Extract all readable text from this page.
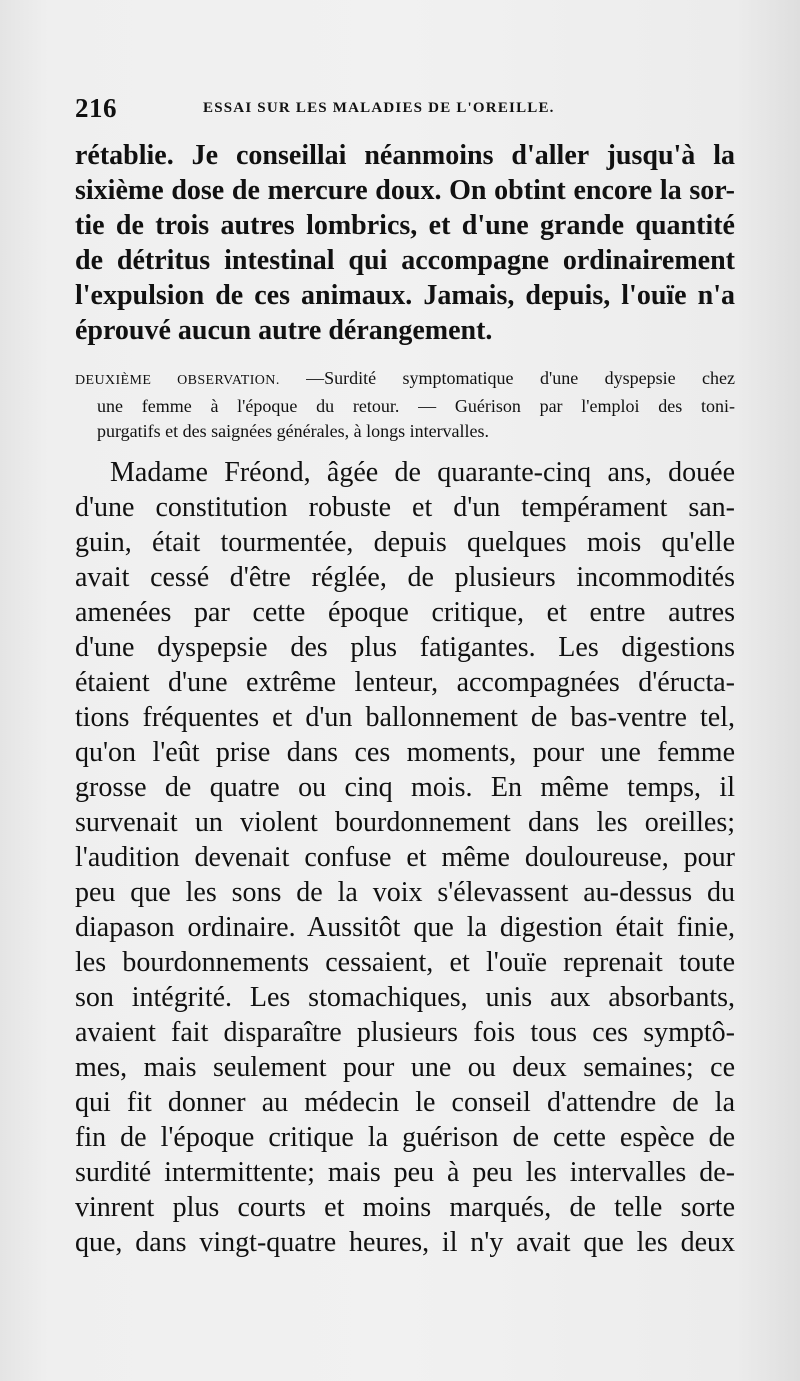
216	ESSAI SUR LES MALADIES DE L'OREILLE.
rétablie. Je conseillai néanmoins d'aller jusqu'à la
sixième dose de mercure doux. On obtint encore la sor-
tie de trois autres lombrics, et d'une grande quantité
de détritus intestinal qui accompagne ordinairement
l'expulsion de ces animaux. Jamais, depuis, l'ouïe n'a
éprouvé aucun autre dérangement.
DEUXIÈME OBSERVATION. —Surdité symptomatique d'une dyspepsie chez
une femme à l'époque du retour. — Guérison par l'emploi des toni-
purgatifs et des saignées générales, à longs intervalles.
Madame Fréond, âgée de quarante-cinq ans, douée
d'une constitution robuste et d'un tempérament san-
guin, était tourmentée, depuis quelques mois qu'elle
avait cessé d'être réglée, de plusieurs incommodités
amenées par cette époque critique, et entre autres
d'une dyspepsie des plus fatigantes. Les digestions
étaient d'une extrême lenteur, accompagnées d'éructa-
tions fréquentes et d'un ballonnement de bas-ventre tel,
qu'on l'eût prise dans ces moments, pour une femme
grosse de quatre ou cinq mois. En même temps, il
survenait un violent bourdonnement dans les oreilles;
l'audition devenait confuse et même douloureuse, pour
peu que les sons de la voix s'élevassent au-dessus du
diapason ordinaire. Aussitôt que la digestion était finie,
les bourdonnements cessaient, et l'ouïe reprenait toute
son intégrité. Les stomachiques, unis aux absorbants,
avaient fait disparaître plusieurs fois tous ces symptô-
mes, mais seulement pour une ou deux semaines; ce
qui fit donner au médecin le conseil d'attendre de la
fin de l'époque critique la guérison de cette espèce de
surdité intermittente; mais peu à peu les intervalles de-
vinrent plus courts et moins marqués, de telle sorte
que, dans vingt-quatre heures, il n'y avait que les deux
